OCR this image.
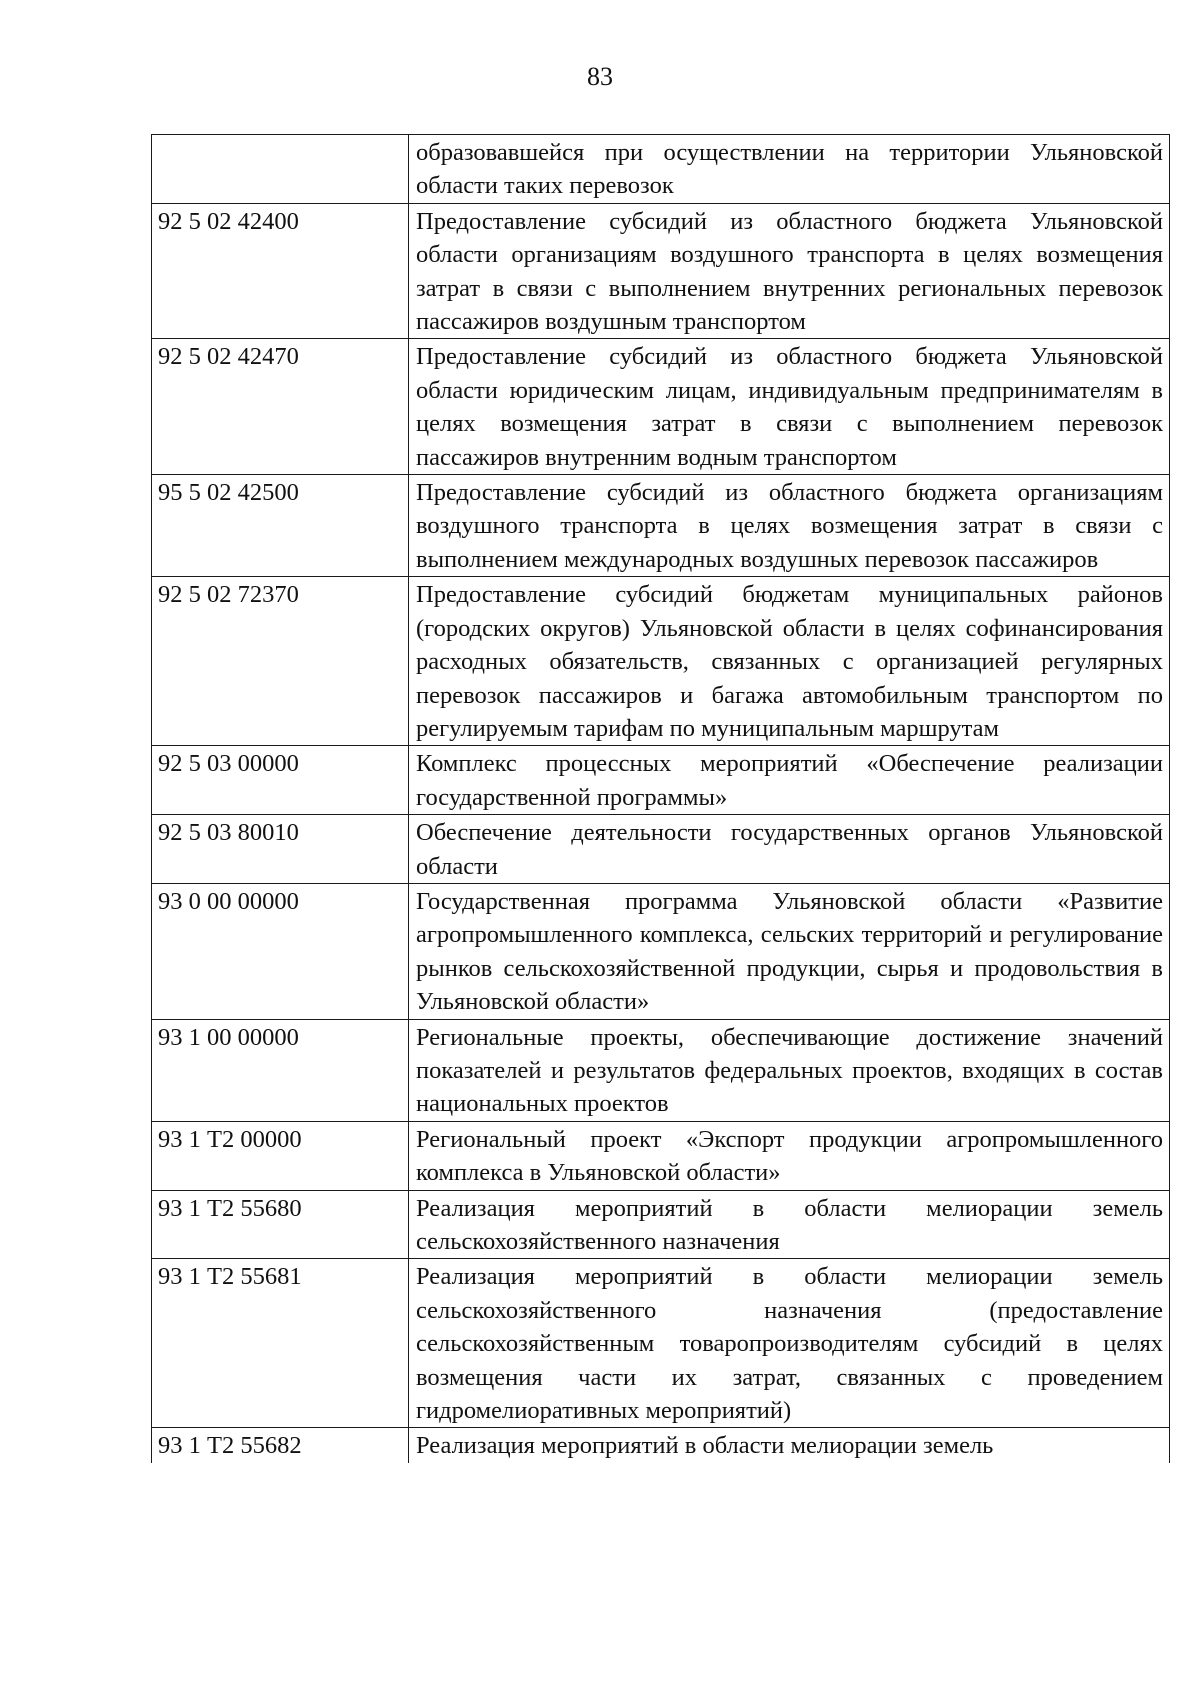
83
	образовавшейся при осуществлении на территории Ульяновской области таких перевозок
92 5 02 42400	Предоставление субсидий из областного бюджета Ульяновской области организациям воздушного транспорта в целях возмещения затрат в связи с выполнением внутренних региональных перевозок пассажиров воздушным транспортом
92 5 02 42470	Предоставление субсидий из областного бюджета Ульяновской области юридическим лицам, индивидуальным предпринимателям в целях возмещения затрат в связи с выполнением перевозок пассажиров внутренним водным транспортом
95 5 02 42500	Предоставление субсидий из областного бюджета организациям воздушного транспорта в целях возмещения затрат в связи с выполнением международных воздушных перевозок пассажиров
92 5 02 72370	Предоставление субсидий бюджетам муниципальных районов (городских округов) Ульяновской области в целях софинансирования расходных обязательств, связанных с организацией регулярных перевозок пассажиров и багажа автомобильным транспортом по регулируемым тарифам по муниципальным маршрутам
92 5 03 00000	Комплекс процессных мероприятий «Обеспечение реализации государственной программы»
92 5 03 80010	Обеспечение деятельности государственных органов Ульяновской области
93 0 00 00000	Государственная программа Ульяновской области «Развитие агропромышленного комплекса, сельских территорий и регулирование рынков сельскохозяйственной продукции, сырья и продовольствия в Ульяновской области»
93 1 00 00000	Региональные проекты, обеспечивающие достижение значений показателей и результатов федеральных проектов, входящих в состав национальных проектов
93 1 Т2 00000	Региональный проект «Экспорт продукции агропромышленного комплекса в Ульяновской области»
93 1 Т2 55680	Реализация мероприятий в области мелиорации земель сельскохозяйственного назначения
93 1 Т2 55681	Реализация мероприятий в области мелиорации земель сельскохозяйственного назначения (предоставление сельскохозяйственным товаропроизводителям субсидий в целях возмещения части их затрат, связанных с проведением гидромелиоративных мероприятий)
93 1 Т2 55682	Реализация мероприятий в области мелиорации земель
